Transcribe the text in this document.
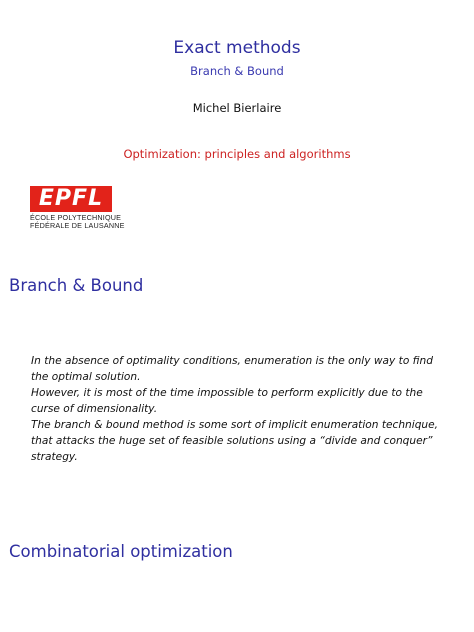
Exact methods
Branch & Bound
Michel Bierlaire
Optimization: principles and algorithms
EPFL
ÉCOLE POLYTECHNIQUE
FÉDÉRALE DE LAUSANNE
Branch & Bound

In the absence of optimality conditions, enumeration is the only way to find the optimal solution.

However, it is most of the time impossible to perform explicitly due to the curse of dimensionality.

The branch & bound method is some sort of implicit enumeration technique, that attacks the huge set of feasible solutions using a “divide and conquer” strategy.

Combinatorial optimization
